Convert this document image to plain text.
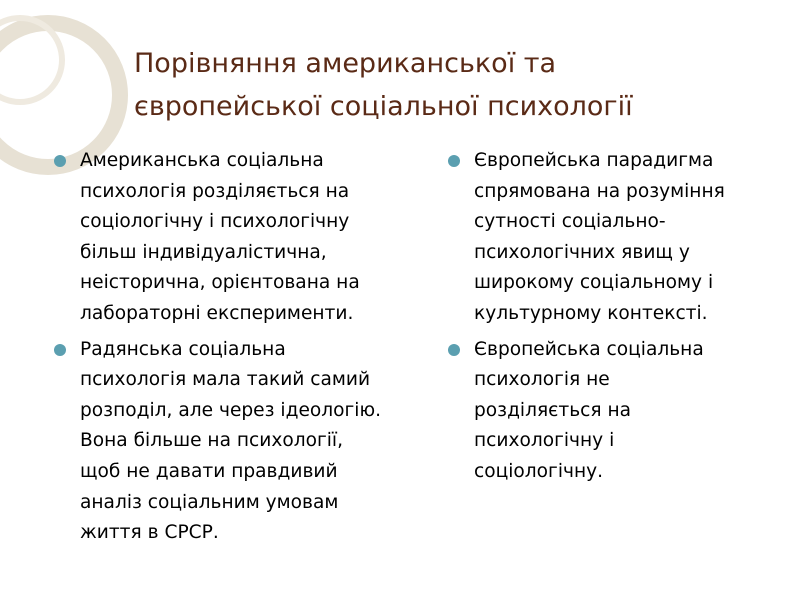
Порівняння американської та
європейської соціальної психології
Американська соціальна
психологія розділяється на
соціологічну і психологічну
більш індивідуалістична,
неісторична, орієнтована на
лабораторні експерименти.
Радянська соціальна
психологія мала такий самий
розподіл, але через ідеологію.
Вона більше на психології,
щоб не давати правдивий
аналіз соціальним умовам
життя в СРСР.
Європейська парадигма
спрямована на розуміння
сутності соціально-
психологічних явищ у
широкому соціальному і
культурному контексті.
Європейська соціальна
психологія не
розділяється на
психологічну і
соціологічну.
